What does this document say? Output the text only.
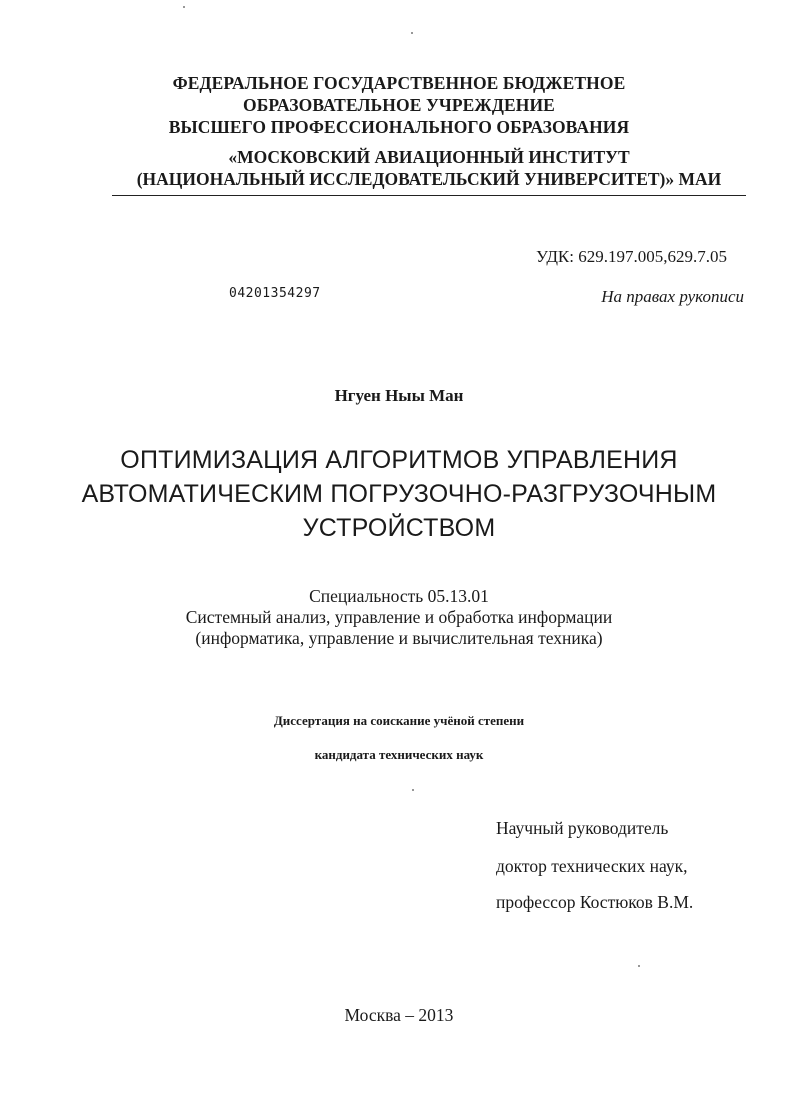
ФЕДЕРАЛЬНОЕ ГОСУДАРСТВЕННОЕ БЮДЖЕТНОЕ
ОБРАЗОВАТЕЛЬНОЕ УЧРЕЖДЕНИЕ
ВЫСШЕГО ПРОФЕССИОНАЛЬНОГО ОБРАЗОВАНИЯ
«МОСКОВСКИЙ АВИАЦИОННЫЙ ИНСТИТУТ
(НАЦИОНАЛЬНЫЙ ИССЛЕДОВАТЕЛЬСКИЙ УНИВЕРСИТЕТ)» МАИ
УДК: 629.197.005,629.7.05
04201354297	На правах рукописи
Нгуен Ныы Ман
ОПТИМИЗАЦИЯ АЛГОРИТМОВ УПРАВЛЕНИЯ
АВТОМАТИЧЕСКИМ ПОГРУЗОЧНО-РАЗГРУЗОЧНЫМ
УСТРОЙСТВОМ
Специальность 05.13.01
Системный анализ, управление и обработка информации
(информатика, управление и вычислительная техника)
Диссертация на соискание учёной степени
кандидата технических наук
Научный руководитель
доктор технических наук,
профессор Костюков В.М.
Москва – 2013
